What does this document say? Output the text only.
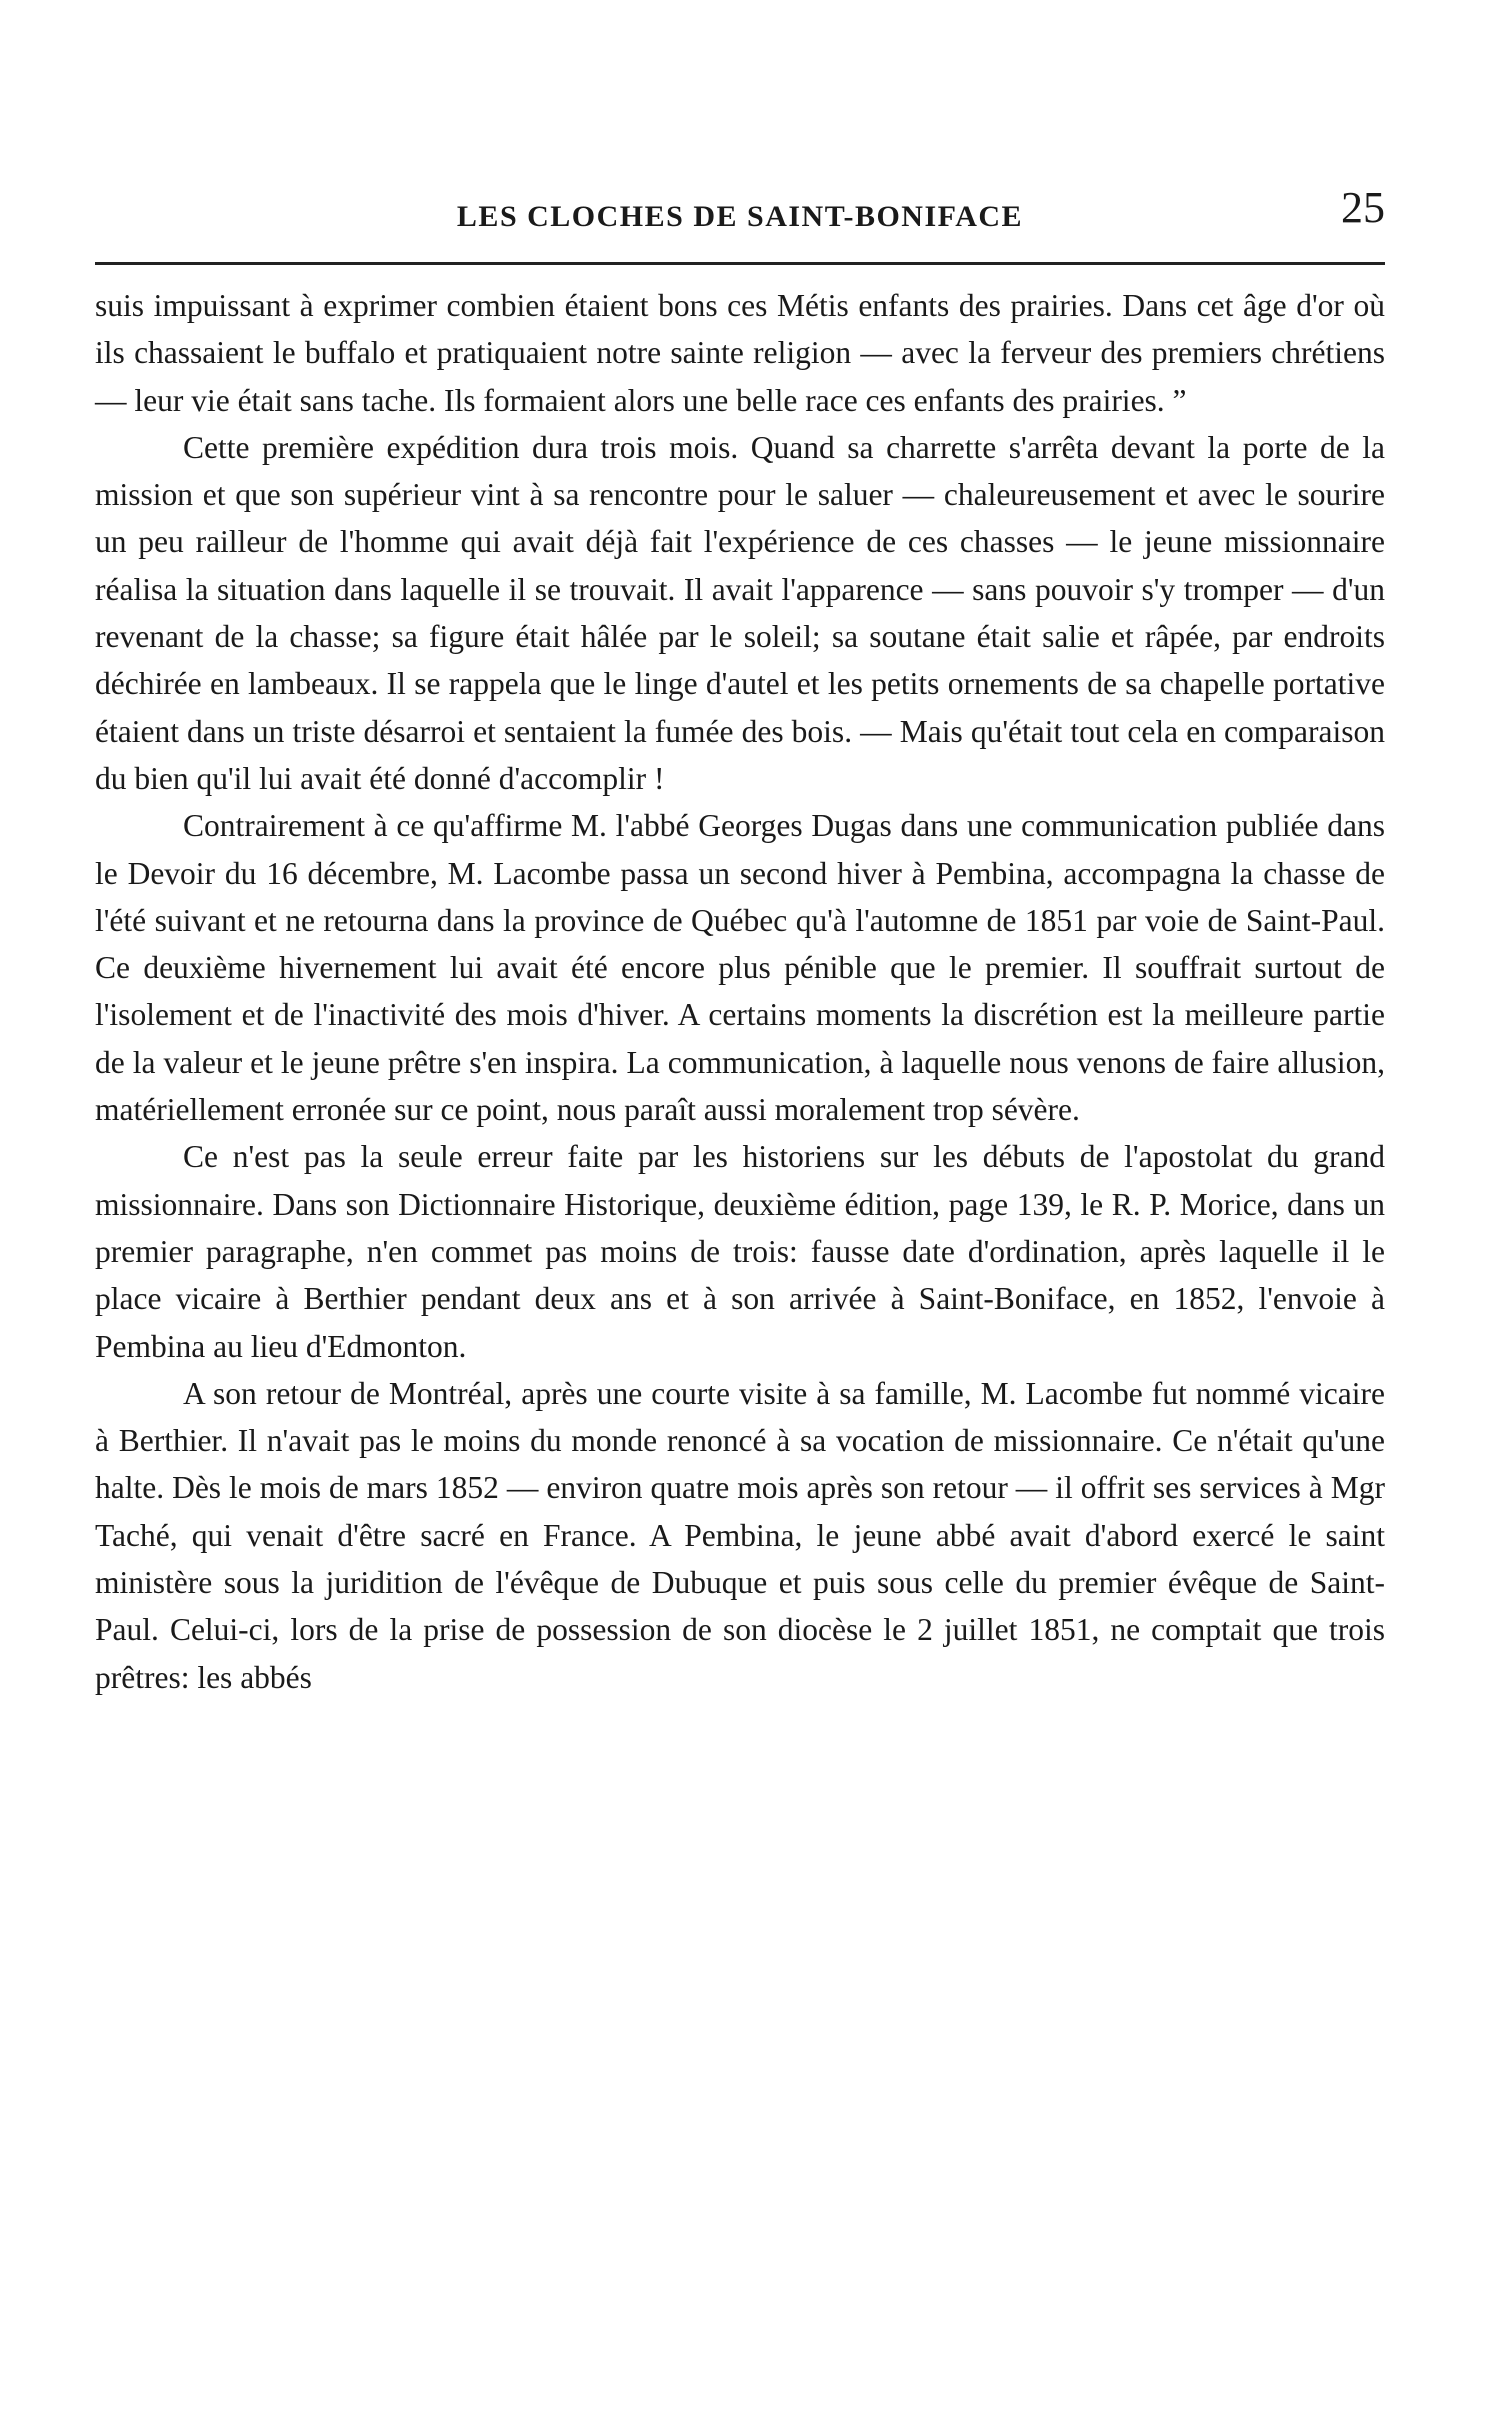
LES CLOCHES DE SAINT-BONIFACE	25

suis impuissant à exprimer combien étaient bons ces Métis enfants des prairies. Dans cet âge d'or où ils chassaient le buffalo et pratiquaient notre sainte religion — avec la ferveur des premiers chrétiens — leur vie était sans tache. Ils formaient alors une belle race ces enfants des prairies. ”

Cette première expédition dura trois mois. Quand sa charrette s'arrêta devant la porte de la mission et que son supérieur vint à sa rencontre pour le saluer — chaleureusement et avec le sourire un peu railleur de l'homme qui avait déjà fait l'expérience de ces chasses — le jeune missionnaire réalisa la situation dans laquelle il se trouvait. Il avait l'apparence — sans pouvoir s'y tromper — d'un revenant de la chasse; sa figure était hâlée par le soleil; sa soutane était salie et râpée, par endroits déchirée en lambeaux. Il se rappela que le linge d'autel et les petits ornements de sa chapelle portative étaient dans un triste désarroi et sentaient la fumée des bois. — Mais qu'était tout cela en comparaison du bien qu'il lui avait été donné d'accomplir !

Contrairement à ce qu'affirme M. l'abbé Georges Dugas dans une communication publiée dans le Devoir du 16 décembre, M. Lacombe passa un second hiver à Pembina, accompagna la chasse de l'été suivant et ne retourna dans la province de Québec qu'à l'automne de 1851 par voie de Saint-Paul. Ce deuxième hivernement lui avait été encore plus pénible que le premier. Il souffrait surtout de l'isolement et de l'inactivité des mois d'hiver. A certains moments la discrétion est la meilleure partie de la valeur et le jeune prêtre s'en inspira. La communication, à laquelle nous venons de faire allusion, matériellement erronée sur ce point, nous paraît aussi moralement trop sévère.

Ce n'est pas la seule erreur faite par les historiens sur les débuts de l'apostolat du grand missionnaire. Dans son Dictionnaire Historique, deuxième édition, page 139, le R. P. Morice, dans un premier paragraphe, n'en commet pas moins de trois: fausse date d'ordination, après laquelle il le place vicaire à Berthier pendant deux ans et à son arrivée à Saint-Boniface, en 1852, l'envoie à Pembina au lieu d'Edmonton.

A son retour de Montréal, après une courte visite à sa famille, M. Lacombe fut nommé vicaire à Berthier. Il n'avait pas le moins du monde renoncé à sa vocation de missionnaire. Ce n'était qu'une halte. Dès le mois de mars 1852 — environ quatre mois après son retour — il offrit ses services à Mgr Taché, qui venait d'être sacré en France. A Pembina, le jeune abbé avait d'abord exercé le saint ministère sous la juridition de l'évêque de Dubuque et puis sous celle du premier évêque de Saint-Paul. Celui-ci, lors de la prise de possession de son diocèse le 2 juillet 1851, ne comptait que trois prêtres: les abbés
